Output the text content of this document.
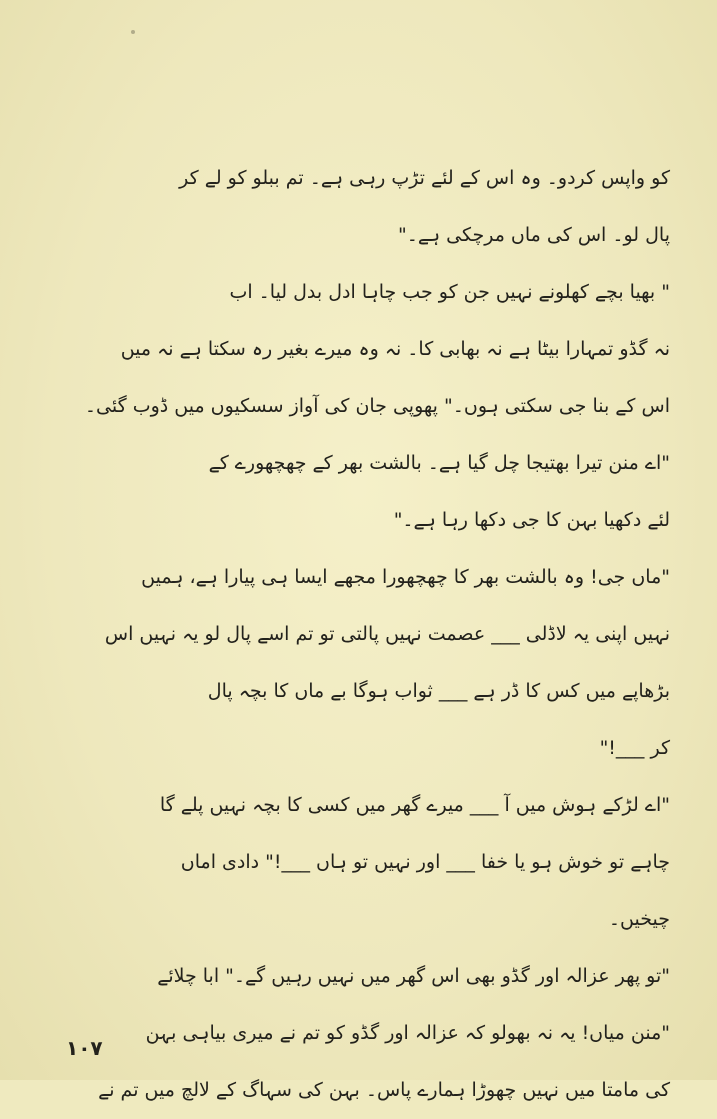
کو واپس کردو۔ وہ اس کے لئے تڑپ رہی ہے۔ تم ببلو کو لے کر
پال لو۔ اس کی ماں مرچکی ہے۔"
" بھیا بچے کھلونے نہیں جن کو جب چاہا ادل بدل لیا۔ اب
نہ گڈو تمہارا بیٹا ہے نہ بھابی کا۔ نہ وہ میرے بغیر رہ سکتا ہے نہ میں
اس کے بنا جی سکتی ہوں۔" پھوپی جان کی آواز سسکیوں میں ڈوب گئی۔
"اے منن تیرا بھتیجا چل گیا ہے۔ بالشت بھر کے چھچھورے کے
لئے دکھیا بہن کا جی دکھا رہا ہے۔"
"ماں جی! وہ بالشت بھر کا چھچھورا مجھے ایسا ہی پیارا ہے، ہمیں
نہیں اپنی یہ لاڈلی ___ عصمت نہیں پالتی تو تم اسے پال لو یہ نہیں اس
بڑھاپے میں کس کا ڈر ہے ___ ثواب ہوگا بے ماں کا بچہ پال
کر ___!"
"اے لڑکے ہوش میں آ ___ میرے گھر میں کسی کا بچہ نہیں پلے گا
چاہے تو خوش ہو یا خفا ___ اور نہیں تو ہاں ___!" دادی اماں
چیخیں۔
"تو پھر عزالہ اور گڈو بھی اس گھر میں نہیں رہیں گے۔" ابا چلائے
"منن میاں! یہ نہ بھولو کہ عزالہ اور گڈو کو تم نے میری بیاہی بہن
کی مامتا میں نہیں چھوڑا ہمارے پاس۔ بہن کی سہاگ کے لالچ میں تم نے
۱۰۷
